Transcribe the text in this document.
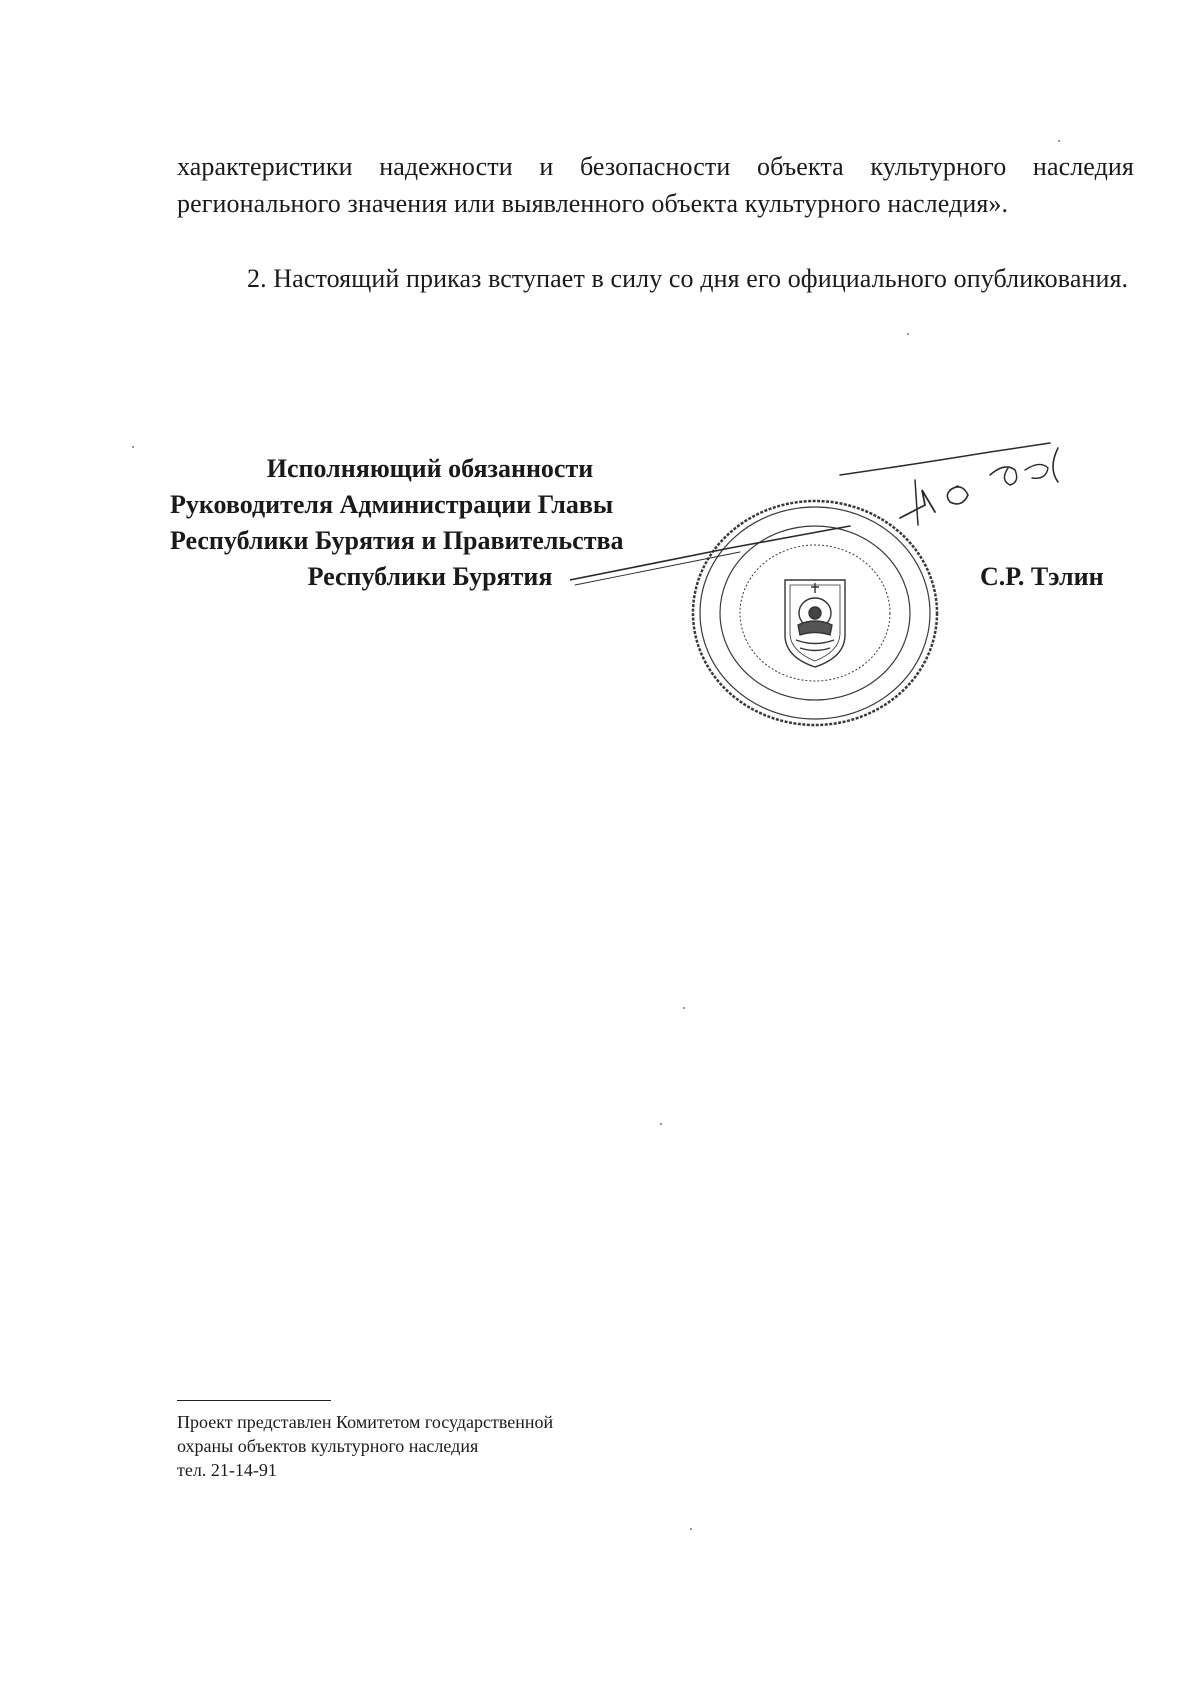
характеристики надежности и безопасности объекта культурного наследия регионального значения или выявленного объекта культурного наследия».

2. Настоящий приказ вступает в силу со дня его официального опубликования.

Исполняющий обязанности
Руководителя Администрации Главы
Республики Бурятия и Правительства
Республики Бурятия	С.Р. Тэлин
Проект представлен Комитетом государственной
охраны объектов культурного наследия
тел. 21-14-91
